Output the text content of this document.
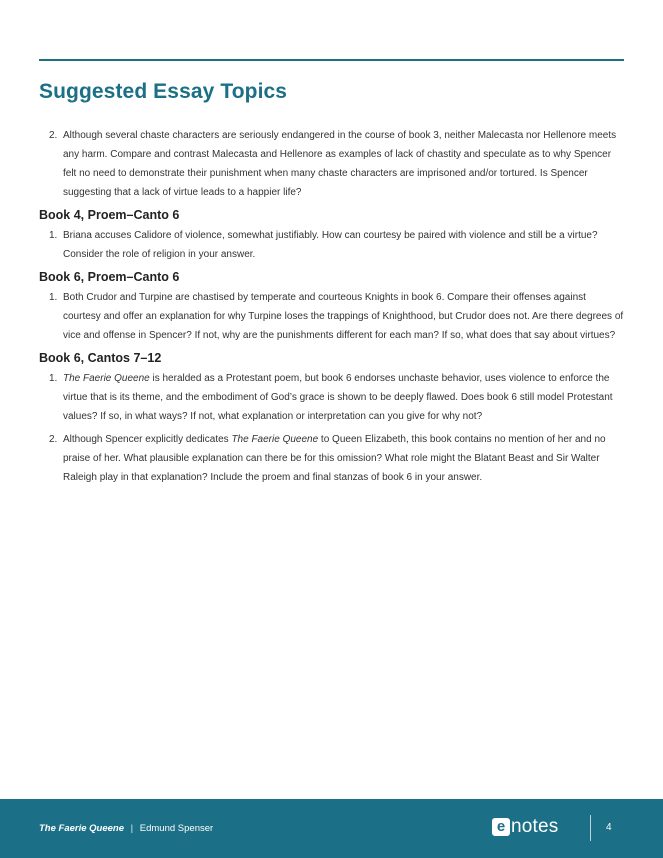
Suggested Essay Topics
2. Although several chaste characters are seriously endangered in the course of book 3, neither Malecasta nor Hellenore meets any harm. Compare and contrast Malecasta and Hellenore as examples of lack of chastity and speculate as to why Spencer felt no need to demonstrate their punishment when many chaste characters are imprisoned and/or tortured. Is Spencer suggesting that a lack of virtue leads to a happier life?
Book 4, Proem–Canto 6
1. Briana accuses Calidore of violence, somewhat justifiably. How can courtesy be paired with violence and still be a virtue? Consider the role of religion in your answer.
Book 6, Proem–Canto 6
1. Both Crudor and Turpine are chastised by temperate and courteous Knights in book 6. Compare their offenses against courtesy and offer an explanation for why Turpine loses the trappings of Knighthood, but Crudor does not. Are there degrees of vice and offense in Spencer? If not, why are the punishments different for each man? If so, what does that say about virtues?
Book 6, Cantos 7–12
1. The Faerie Queene is heralded as a Protestant poem, but book 6 endorses unchaste behavior, uses violence to enforce the virtue that is its theme, and the embodiment of God’s grace is shown to be deeply flawed. Does book 6 still model Protestant values? If so, in what ways? If not, what explanation or interpretation can you give for why not?
2. Although Spencer explicitly dedicates The Faerie Queene to Queen Elizabeth, this book contains no mention of her and no praise of her. What plausible explanation can there be for this omission? What role might the Blatant Beast and Sir Walter Raleigh play in that explanation? Include the proem and final stanzas of book 6 in your answer.
The Faerie Queene | Edmund Spenser	e notes	4
